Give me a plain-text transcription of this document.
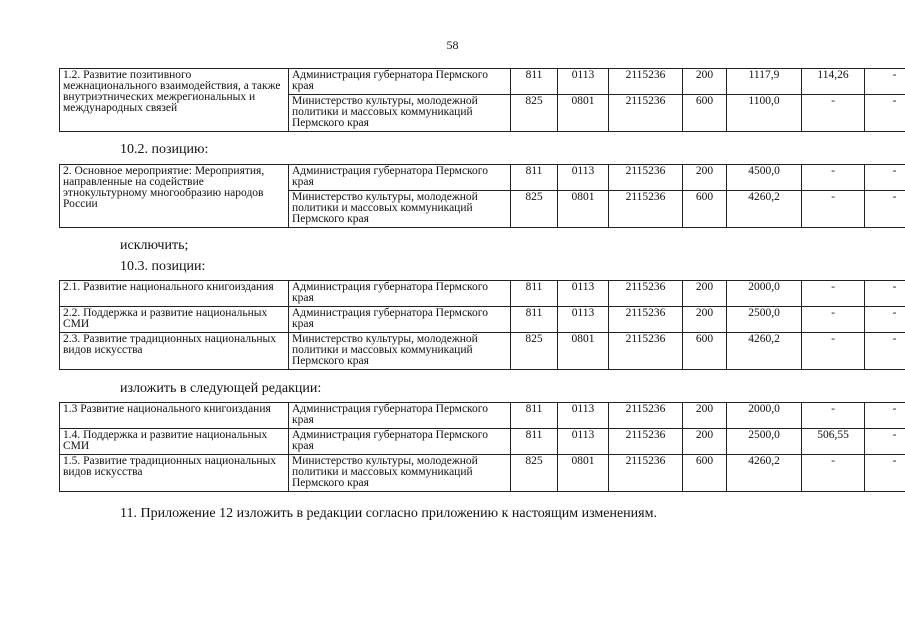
58
1.2. Развитие позитивного межнационального взаимодействия, а также внутриэтнических межрегиональных и международных связей	Администрация губернатора Пермского края	811	0113	2115236	200	1117,9	114,26	-
	Министерство культуры, молодежной политики и массовых коммуникаций Пермского края	825	0801	2115236	600	1100,0	-	-
10.2. позицию:
2. Основное мероприятие: Мероприятия, направленные на содействие этнокультурному многообразию народов России	Администрация губернатора Пермского края	811	0113	2115236	200	4500,0	-	-
	Министерство культуры, молодежной политики и массовых коммуникаций Пермского края	825	0801	2115236	600	4260,2	-	-
исключить;
10.3. позиции:
2.1. Развитие национального книгоиздания	Администрация губернатора Пермского края	811	0113	2115236	200	2000,0	-	-
2.2. Поддержка и развитие национальных СМИ	Администрация губернатора Пермского края	811	0113	2115236	200	2500,0	-	-
2.3. Развитие традиционных национальных видов искусства	Министерство культуры, молодежной политики и массовых коммуникаций Пермского края	825	0801	2115236	600	4260,2	-	-
изложить в следующей редакции:
1.3 Развитие национального книгоиздания	Администрация губернатора Пермского края	811	0113	2115236	200	2000,0	-	-
1.4. Поддержка и развитие национальных СМИ	Администрация губернатора Пермского края	811	0113	2115236	200	2500,0	506,55	-
1.5. Развитие традиционных национальных видов искусства	Министерство культуры, молодежной политики и массовых коммуникаций Пермского края	825	0801	2115236	600	4260,2	-	-
11. Приложение 12 изложить в редакции согласно приложению к настоящим изменениям.
